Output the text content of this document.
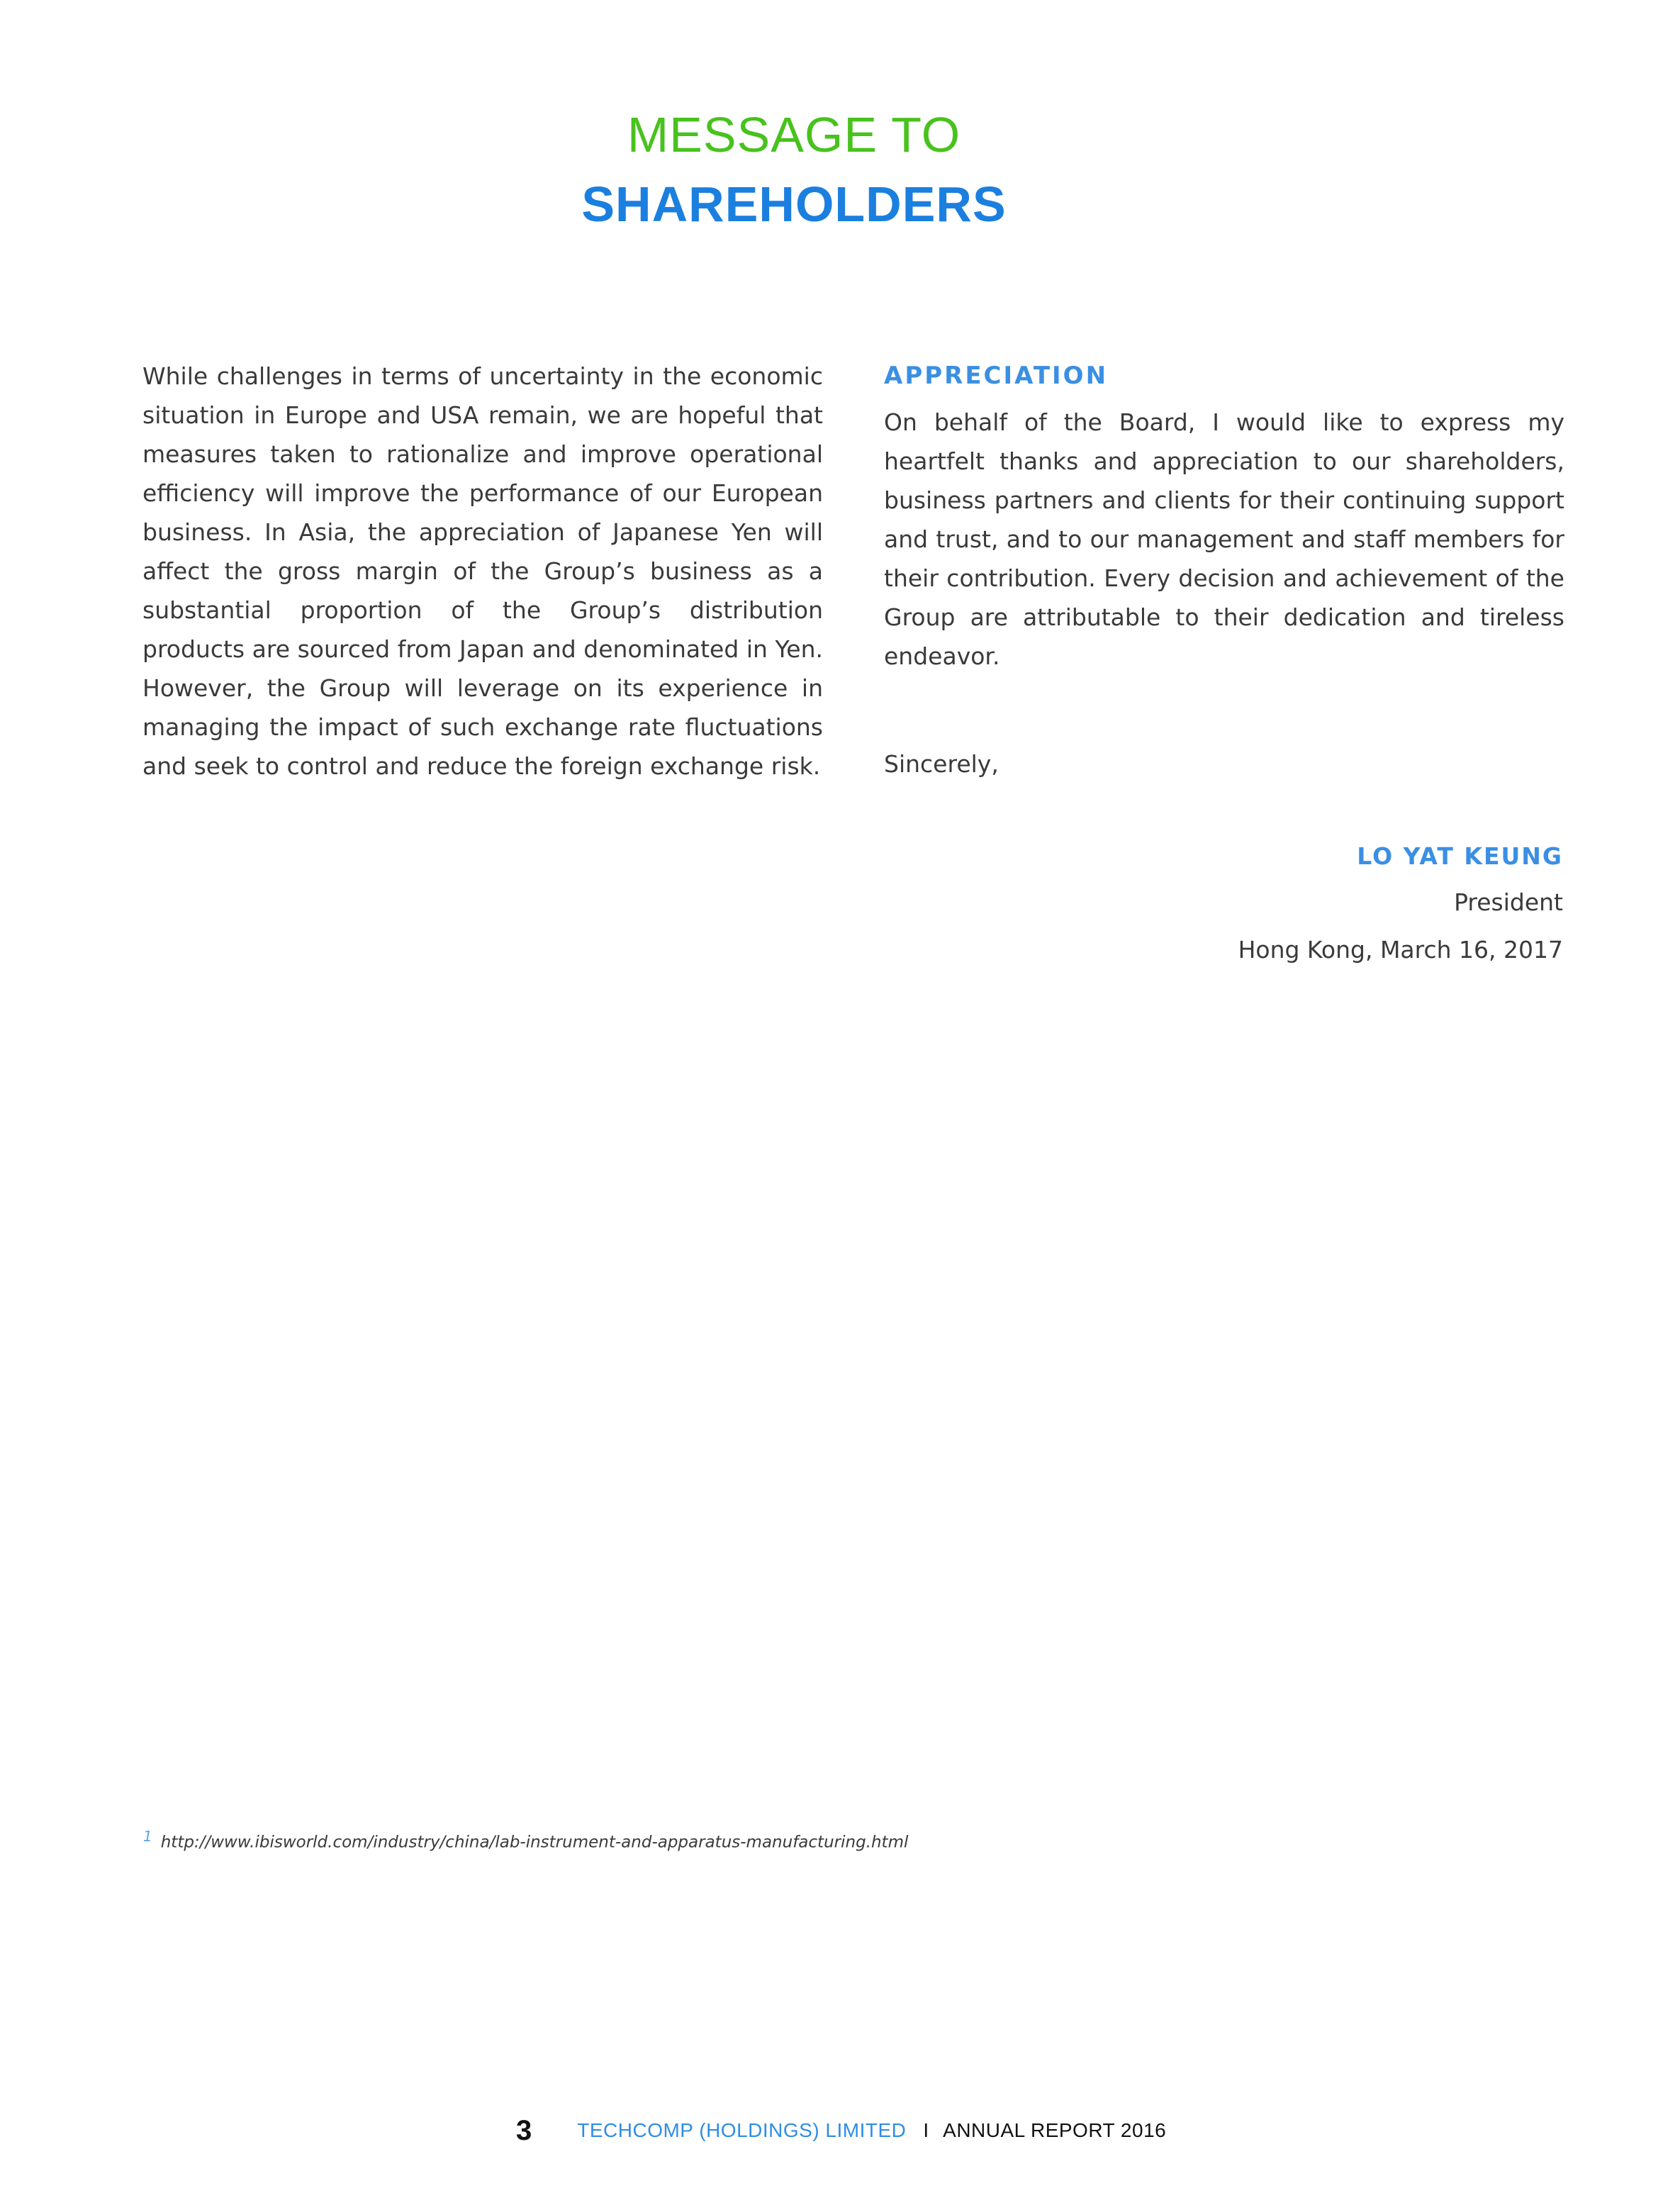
MESSAGE TO
SHAREHOLDERS

While challenges in terms of uncertainty in the economic situation in Europe and USA remain, we are hopeful that measures taken to rationalize and improve operational efficiency will improve the performance of our European business. In Asia, the appreciation of Japanese Yen will affect the gross margin of the Group’s business as a substantial proportion of the Group’s distribution products are sourced from Japan and denominated in Yen. However, the Group will leverage on its experience in managing the impact of such exchange rate fluctuations and seek to control and reduce the foreign exchange risk.

APPRECIATION

On behalf of the Board, I would like to express my heartfelt thanks and appreciation to our shareholders, business partners and clients for their continuing support and trust, and to our management and staff members for their contribution. Every decision and achievement of the Group are attributable to their dedication and tireless endeavor.

Sincerely,

LO YAT KEUNG

President

Hong Kong, March 16, 2017

1 http://www.ibisworld.com/industry/china/lab-instrument-and-apparatus-manufacturing.html
3 TECHCOMP (HOLDINGS) LIMITED I ANNUAL REPORT 2016
